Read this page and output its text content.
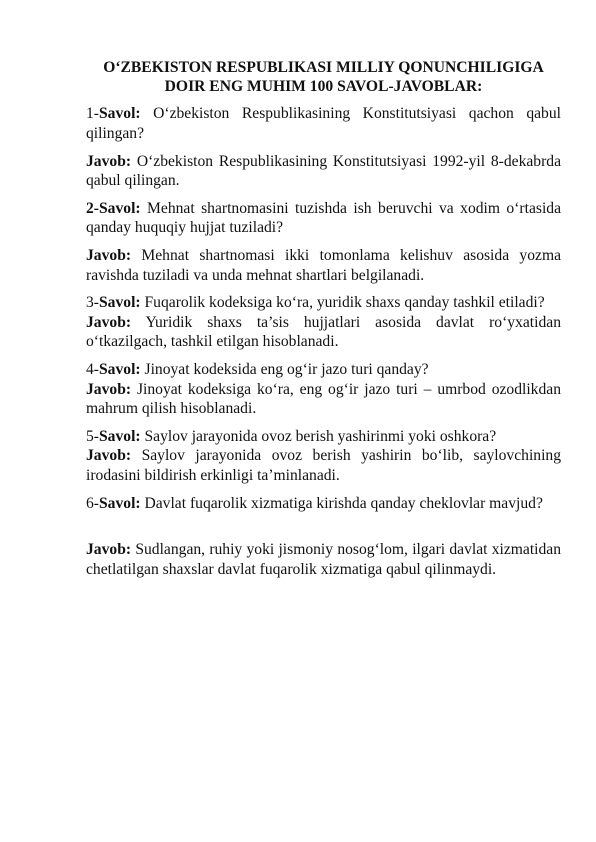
O‘ZBEKISTON RESPUBLIKASI MILLIY QONUNCHILIGIGA DOIR ENG MUHIM 100 SAVOL-JAVOBLAR:

1-Savol: O‘zbekiston Respublikasining Konstitutsiyasi qachon qabul qilingan?

Javob: O‘zbekiston Respublikasining Konstitutsiyasi 1992-yil 8-dekabrda qabul qilingan.

2-Savol: Mehnat shartnomasini tuzishda ish beruvchi va xodim o‘rtasida qanday huquqiy hujjat tuziladi?

Javob: Mehnat shartnomasi ikki tomonlama kelishuv asosida yozma ravishda tuziladi va unda mehnat shartlari belgilanadi.

3-Savol: Fuqarolik kodeksiga ko‘ra, yuridik shaxs qanday tashkil etiladi?

Javob: Yuridik shaxs ta’sis hujjatlari asosida davlat ro‘yxatidan o‘tkazilgach, tashkil etilgan hisoblanadi.

4-Savol: Jinoyat kodeksida eng og‘ir jazo turi qanday?

Javob: Jinoyat kodeksiga ko‘ra, eng og‘ir jazo turi – umrbod ozodlikdan mahrum qilish hisoblanadi.

5-Savol: Saylov jarayonida ovoz berish yashirinmi yoki oshkora?

Javob: Saylov jarayonida ovoz berish yashirin bo‘lib, saylovchining irodasini bildirish erkinligi ta’minlanadi.

6-Savol: Davlat fuqarolik xizmatiga kirishda qanday cheklovlar mavjud?

Javob: Sudlangan, ruhiy yoki jismoniy nosog‘lom, ilgari davlat xizmatidan chetlatilgan shaxslar davlat fuqarolik xizmatiga qabul qilinmaydi.
